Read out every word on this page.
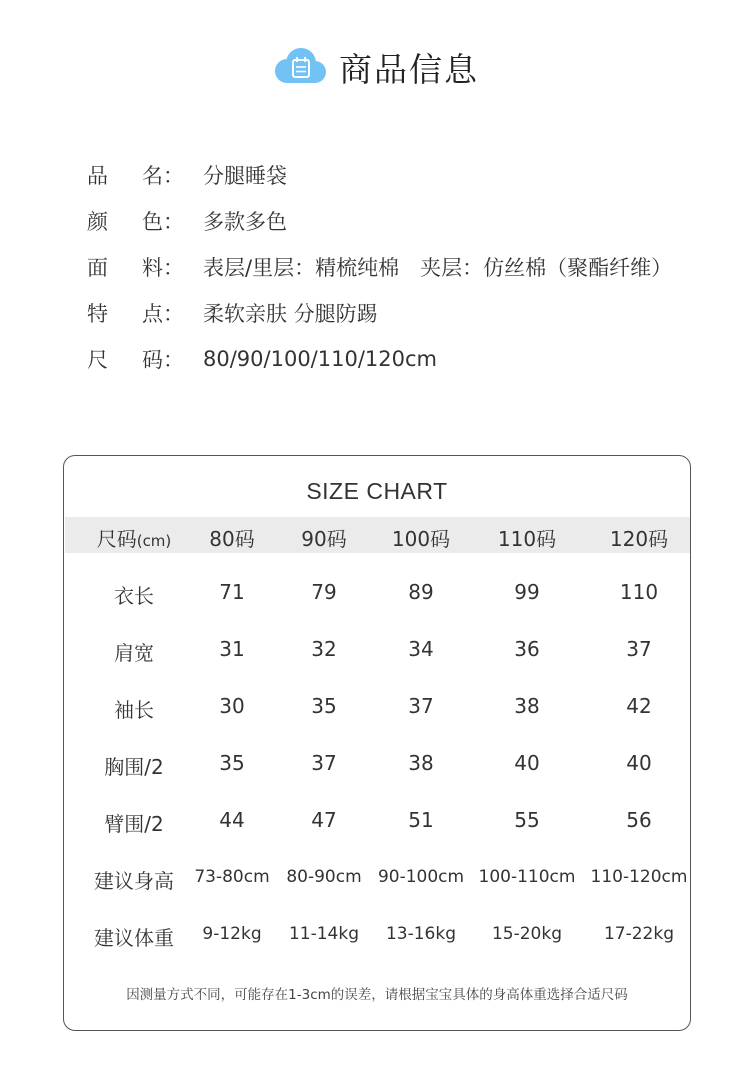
商品信息
品	名 ： 分腿睡袋
颜	色 ： 多款多色
面	料 ： 表层/里层：精梳纯棉　夹层：仿丝棉（聚酯纤维）
特	点 ： 柔软亲肤 分腿防踢
尺	码 ： 80/90/100/110/120cm
SIZE CHART
尺码(cm) 80码 90码 100码 110码	120码
衣长	71	79	89	99	110
肩宽	31	32	34	36	37
袖长	30	35	37	38	42
胸围/2	35	37	38	40	40
臂围/2	44	47	51	55	56
建议身高 73-80cm 80-90cm 90-100cm 100-110cm 110-120cm
建议体重 9-12kg 11-14kg 13-16kg 15-20kg 17-22kg
因测量方式不同，可能存在1-3cm的误差，请根据宝宝具体的身高体重选择合适尺码
